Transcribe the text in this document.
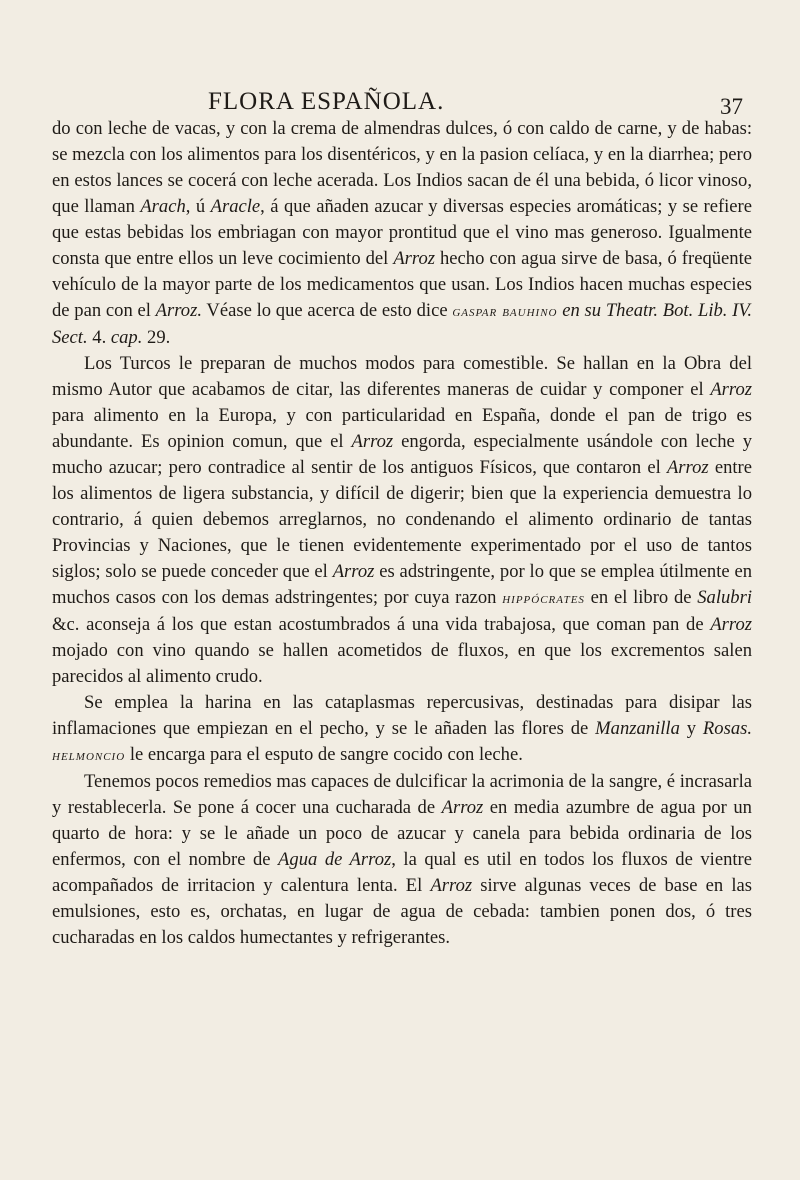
FLORA ESPAÑOLA.	37

do con leche de vacas, y con la crema de almendras dulces, ó con caldo de carne, y de habas: se mezcla con los alimentos para los disentéricos, y en la pasion celíaca, y en la diarrhea; pero en estos lances se cocerá con leche acerada. Los Indios sacan de él una bebida, ó licor vinoso, que llaman Arach, ú Aracle, á que añaden azucar y diversas especies aromáticas; y se refiere que estas bebidas los embriagan con mayor prontitud que el vino mas generoso. Igualmente consta que entre ellos un leve cocimiento del Arroz hecho con agua sirve de basa, ó freqüente vehículo de la mayor parte de los medicamentos que usan. Los Indios hacen muchas especies de pan con el Arroz. Véase lo que acerca de esto dice gaspar bauhino en su Theatr. Bot. Lib. IV. Sect. 4. cap. 29.

Los Turcos le preparan de muchos modos para comestible. Se hallan en la Obra del mismo Autor que acabamos de citar, las diferentes maneras de cuidar y componer el Arroz para alimento en la Europa, y con particularidad en España, donde el pan de trigo es abundante. Es opinion comun, que el Arroz engorda, especialmente usándole con leche y mucho azucar; pero contradice al sentir de los antiguos Físicos, que contaron el Arroz entre los alimentos de ligera substancia, y difícil de digerir; bien que la experiencia demuestra lo contrario, á quien debemos arreglarnos, no condenando el alimento ordinario de tantas Provincias y Naciones, que le tienen evidentemente experimentado por el uso de tantos siglos; solo se puede conceder que el Arroz es adstringente, por lo que se emplea útilmente en muchos casos con los demas adstringentes; por cuya razon hippócrates en el libro de Salubri &c. aconseja á los que estan acostumbrados á una vida trabajosa, que coman pan de Arroz mojado con vino quando se hallen acometidos de fluxos, en que los excrementos salen parecidos al alimento crudo.

Se emplea la harina en las cataplasmas repercusivas, destinadas para disipar las inflamaciones que empiezan en el pecho, y se le añaden las flores de Manzanilla y Rosas. helmoncio le encarga para el esputo de sangre cocido con leche.

Tenemos pocos remedios mas capaces de dulcificar la acrimonia de la sangre, é incrasarla y restablecerla. Se pone á cocer una cucharada de Arroz en media azumbre de agua por un quarto de hora: y se le añade un poco de azucar y canela para bebida ordinaria de los enfermos, con el nombre de Agua de Arroz, la qual es util en todos los fluxos de vientre acompañados de irritacion y calentura lenta. El Arroz sirve algunas veces de base en las emulsiones, esto es, orchatas, en lugar de agua de cebada: tambien ponen dos, ó tres cucharadas en los caldos humectantes y refrigerantes.
